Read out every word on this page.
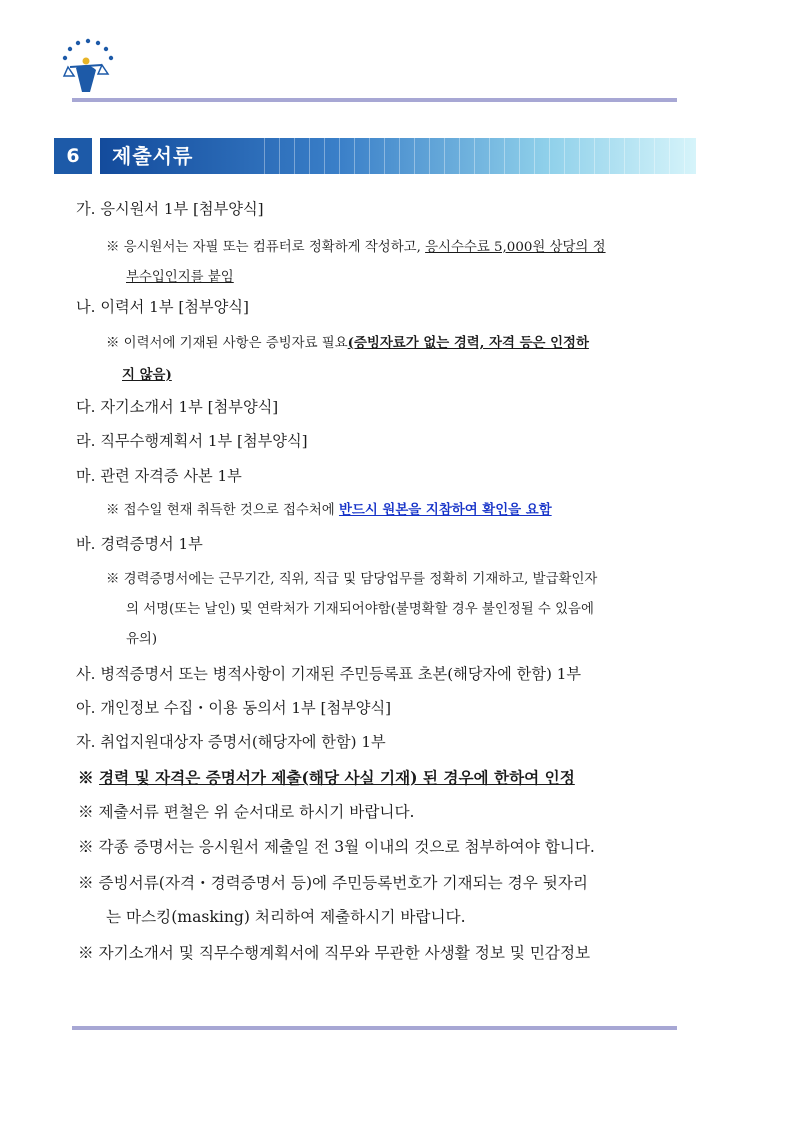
6	제출서류
가. 응시원서 1부 [첨부양식]
※ 응시원서는 자필 또는 컴퓨터로 정확하게 작성하고, 응시수수료 5,000원 상당의 정
부수입인지를 붙임
나. 이력서 1부 [첨부양식]
※ 이력서에 기재된 사항은 증빙자료 필요(증빙자료가 없는 경력, 자격 등은 인정하
지 않음)
다. 자기소개서 1부 [첨부양식]
라. 직무수행계획서 1부 [첨부양식]
마. 관련 자격증 사본 1부
※ 접수일 현재 취득한 것으로 접수처에 반드시 원본을 지참하여 확인을 요함
바. 경력증명서 1부
※ 경력증명서에는 근무기간, 직위, 직급 및 담당업무를 정확히 기재하고, 발급확인자
의 서명(또는 날인) 및 연락처가 기재되어야함(불명확할 경우 불인정될 수 있음에
유의)
사. 병적증명서 또는 병적사항이 기재된 주민등록표 초본(해당자에 한함) 1부
아. 개인정보 수집・이용 동의서 1부 [첨부양식]
자. 취업지원대상자 증명서(해당자에 한함) 1부
※ 경력 및 자격은 증명서가 제출(해당 사실 기재) 된 경우에 한하여 인정
※ 제출서류 편철은 위 순서대로 하시기 바랍니다.
※ 각종 증명서는 응시원서 제출일 전 3월 이내의 것으로 첨부하여야 합니다.
※ 증빙서류(자격・경력증명서 등)에 주민등록번호가 기재되는 경우 뒷자리
는 마스킹(masking) 처리하여 제출하시기 바랍니다.
※ 자기소개서 및 직무수행계획서에 직무와 무관한 사생활 정보 및 민감정보
